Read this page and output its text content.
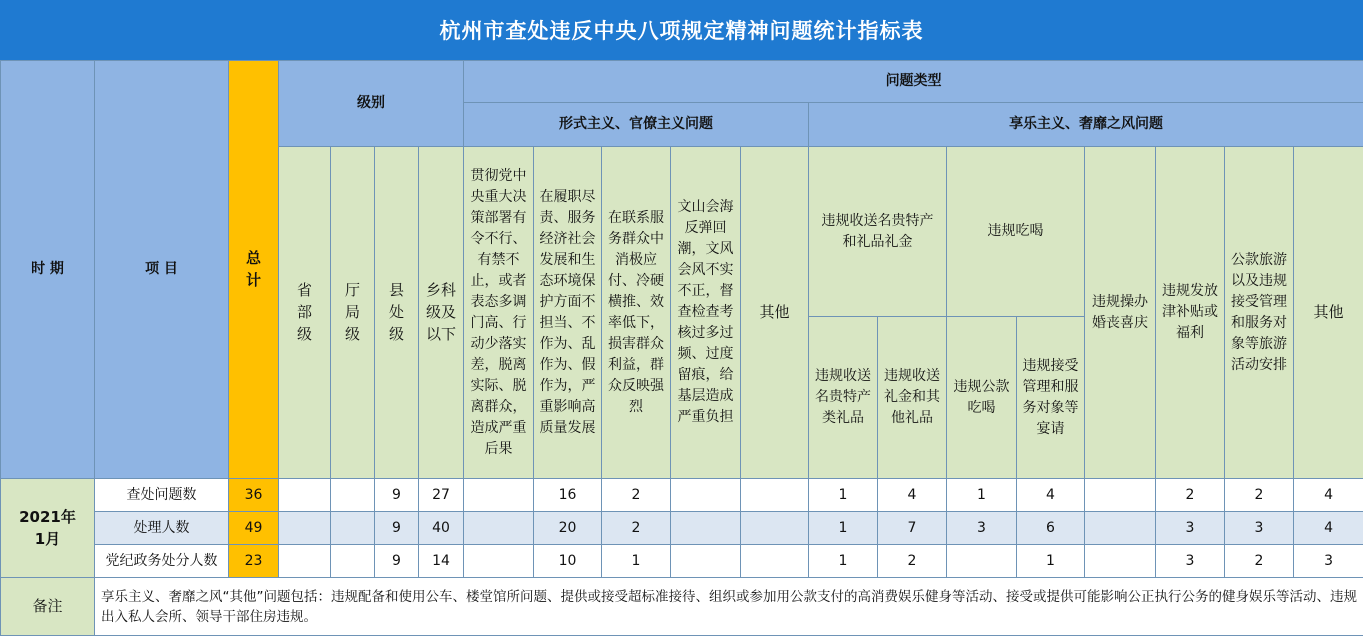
杭州市查处违反中央八项规定精神问题统计指标表
时 期	项 目	总计	级别				问题类型												
							形式主义、官僚主义问题					享乐主义、奢靡之风问题							
			省部级	厅局级	县处级	乡科级及以下	贯彻党中央重大决策部署有令不行、有禁不止，或者表态多调门高、行动少落实差，脱离实际、脱离群众，造成严重后果	在履职尽责、服务经济社会发展和生态环境保护方面不担当、不作为、乱作为、假作为，严重影响高质量发展	在联系服务群众中消极应付、冷硬横推、效率低下，损害群众利益，群众反映强烈	文山会海反弹回潮，文风会风不实不正，督查检查考核过多过频、过度留痕，给基层造成严重负担	其他	违规收送名贵特产和礼品礼金		违规吃喝		违规操办婚丧喜庆	违规发放津补贴或福利	公款旅游以及违规接受管理和服务对象等旅游活动安排	其他
												违规收送名贵特产类礼品	违规收送礼金和其他礼品	违规公款吃喝	违规接受管理和服务对象等宴请				
2021年1月	查处问题数	36			9	27		16	2			1	4	1	4		2	2	4
	处理人数	49			9	40		20	2			1	7	3	6		3	3	4
	党纪政务处分人数	23			9	14		10	1			1	2		1		3	2	3
备注	享乐主义、奢靡之风“其他”问题包括：违规配备和使用公车、楼堂馆所问题、提供或接受超标准接待、组织或参加用公款支付的高消费娱乐健身等活动、接受或提供可能影响公正执行公务的健身娱乐等活动、违规出入私人会所、领导干部住房违规。																		
